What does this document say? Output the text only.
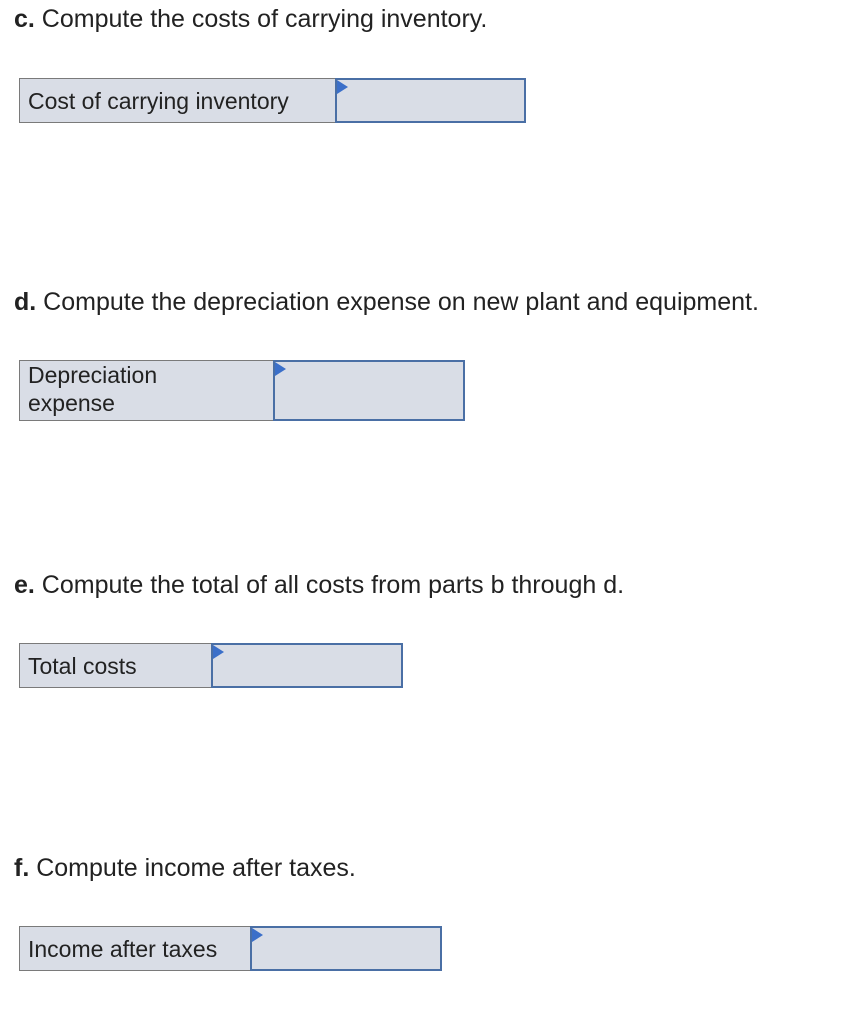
c. Compute the costs of carrying inventory.
Cost of carrying inventory
d. Compute the depreciation expense on new plant and equipment.
Depreciation
expense
e. Compute the total of all costs from parts b through d.
Total costs
f. Compute income after taxes.
Income after taxes
